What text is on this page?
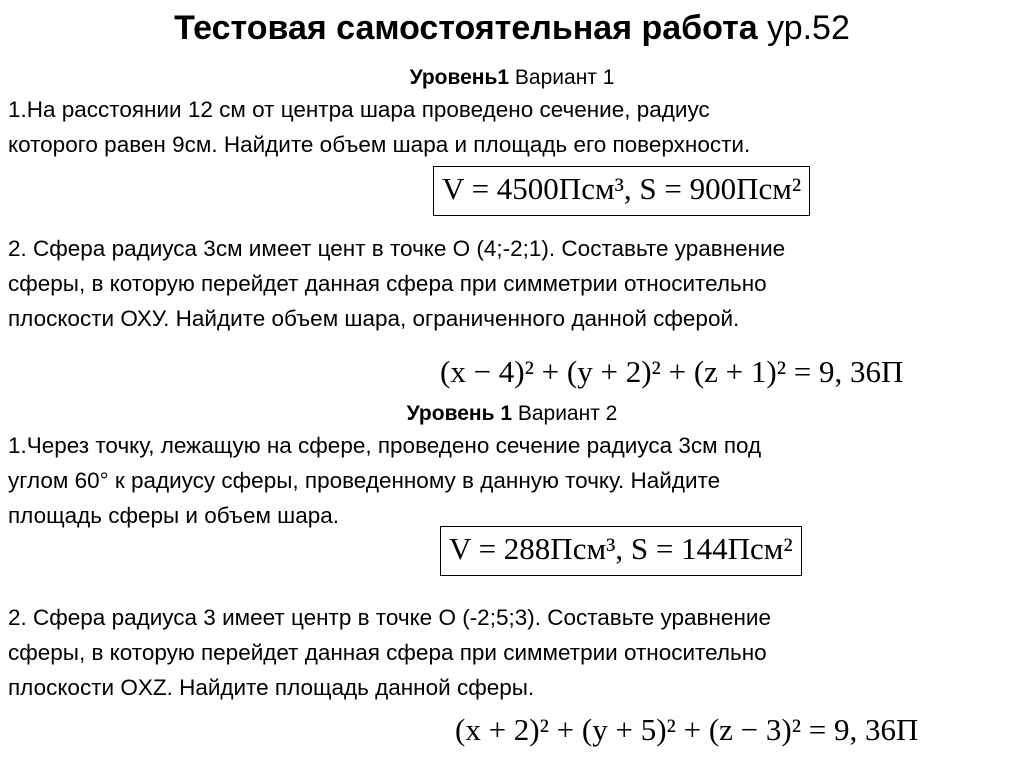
Тестовая самостоятельная работа ур.52
Уровень1 Вариант 1
1.На расстоянии 12 см от центра шара проведено сечение, радиус
которого равен 9см. Найдите объем шара и площадь его поверхности.
V = 4500Псм³, S = 900Псм²
2. Сфера радиуса 3см имеет цент в точке О (4;-2;1). Составьте уравнение
сферы, в которую перейдет данная сфера при симметрии относительно
плоскости ОХУ. Найдите объем шара, ограниченного данной сферой.
(x − 4)² + (y + 2)² + (z + 1)² = 9, 36П
Уровень 1 Вариант 2
1.Через точку, лежащую на сфере, проведено сечение радиуса 3см под
углом 60° к радиусу сферы, проведенному в данную точку. Найдите
площадь сферы и объем шара.
V = 288Псм³, S = 144Псм²
2. Сфера радиуса 3 имеет центр в точке О (-2;5;3). Составьте уравнение
сферы, в которую перейдет данная сфера при симметрии относительно
плоскости ОXZ. Найдите площадь данной сферы.
(x + 2)² + (y + 5)² + (z − 3)² = 9, 36П
